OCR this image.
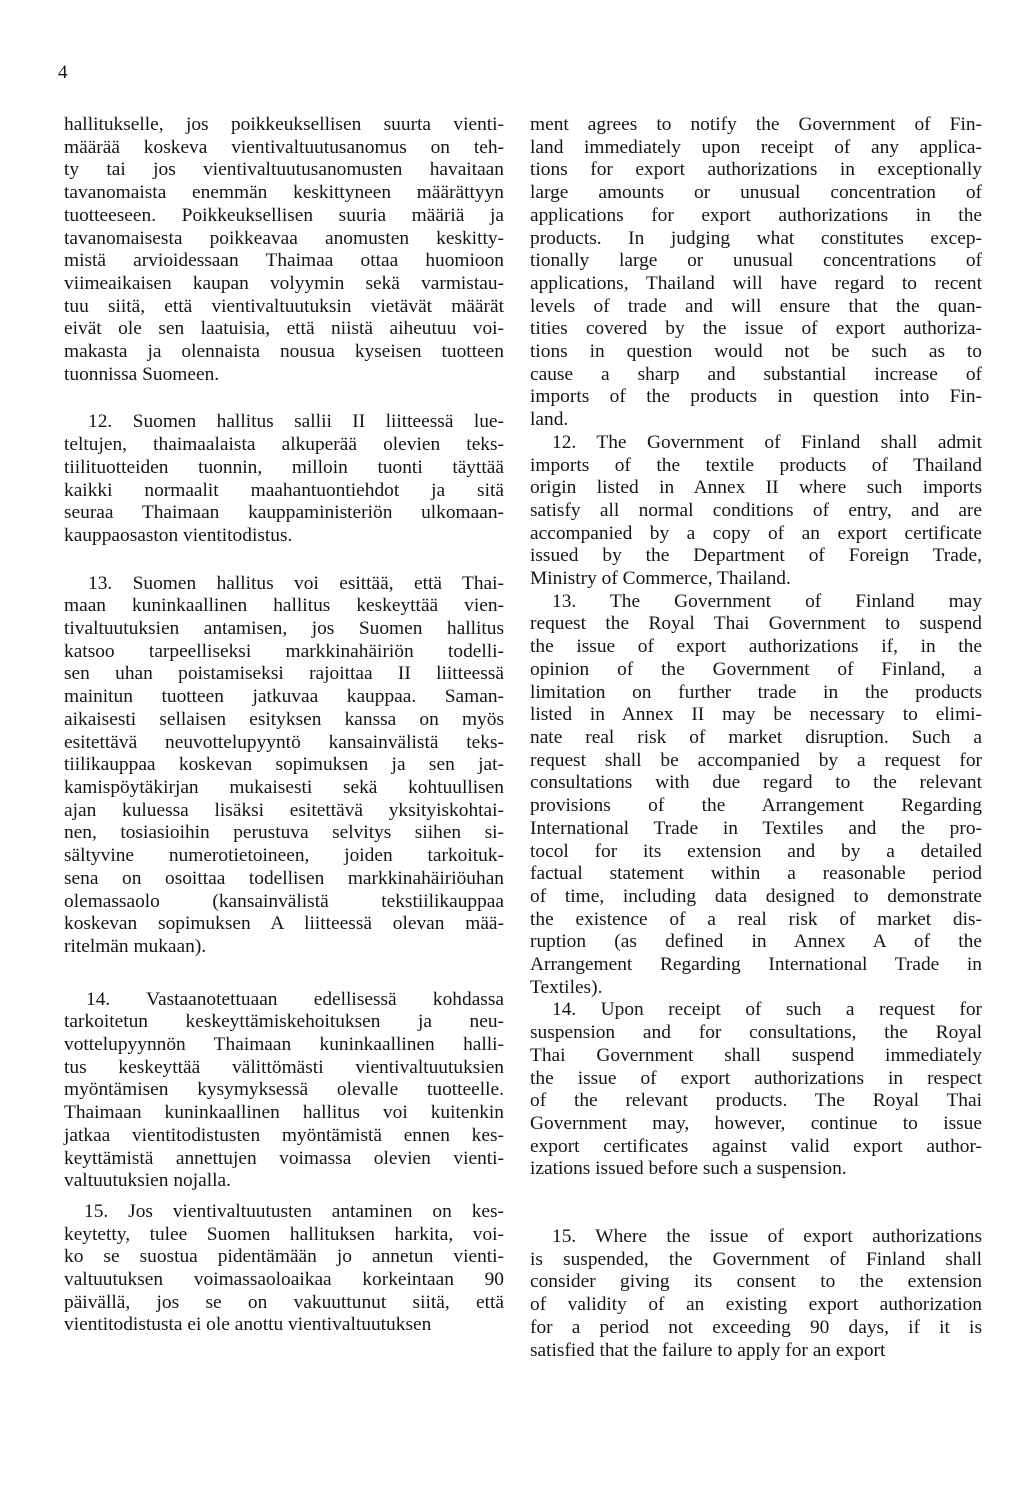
4
hallitukselle, jos poikkeuksellisen suurta vienti-
määrää koskeva vientivaltuutusanomus on teh-
ty tai jos vientivaltuutusanomusten havaitaan
tavanomaista enemmän keskittyneen määrättyyn
tuotteeseen. Poikkeuksellisen suuria määriä ja
tavanomaisesta poikkeavaa anomusten keskitty-
mistä arvioidessaan Thaimaa ottaa huomioon
viimeaikaisen kaupan volyymin sekä varmistau-
tuu siitä, että vientivaltuutuksin vietävät määrät
eivät ole sen laatuisia, että niistä aiheutuu voi-
makasta ja olennaista nousua kyseisen tuotteen
tuonnissa Suomeen.
12. Suomen hallitus sallii II liitteessä lue-
teltujen, thaimaalaista alkuperää olevien teks-
tiilituotteiden tuonnin, milloin tuonti täyttää
kaikki normaalit maahantuontiehdot ja sitä
seuraa Thaimaan kauppaministeriön ulkomaan-
kauppaosaston vientitodistus.
13. Suomen hallitus voi esittää, että Thai-
maan kuninkaallinen hallitus keskeyttää vien-
tivaltuutuksien antamisen, jos Suomen hallitus
katsoo tarpeelliseksi markkinahäiriön todelli-
sen uhan poistamiseksi rajoittaa II liitteessä
mainitun tuotteen jatkuvaa kauppaa. Saman-
aikaisesti sellaisen esityksen kanssa on myös
esitettävä neuvottelupyyntö kansainvälistä teks-
tiilikauppaa koskevan sopimuksen ja sen jat-
kamispöytäkirjan mukaisesti sekä kohtuullisen
ajan kuluessa lisäksi esitettävä yksityiskohtai-
nen, tosiasioihin perustuva selvitys siihen si-
sältyvine numerotietoineen, joiden tarkoituk-
sena on osoittaa todellisen markkinahäiriöuhan
olemassaolo (kansainvälistä tekstiilikauppaa
koskevan sopimuksen A liitteessä olevan mää-
ritelmän mukaan).
14. Vastaanotettuaan edellisessä kohdassa
tarkoitetun keskeyttämiskehoituksen ja neu-
vottelupyynnön Thaimaan kuninkaallinen halli-
tus keskeyttää välittömästi vientivaltuutuksien
myöntämisen kysymyksessä olevalle tuotteelle.
Thaimaan kuninkaallinen hallitus voi kuitenkin
jatkaa vientitodistusten myöntämistä ennen kes-
keyttämistä annettujen voimassa olevien vienti-
valtuutuksien nojalla.
15. Jos vientivaltuutusten antaminen on kes-
keytetty, tulee Suomen hallituksen harkita, voi-
ko se suostua pidentämään jo annetun vienti-
valtuutuksen voimassaoloaikaa korkeintaan 90
päivällä, jos se on vakuuttunut siitä, että
vientitodistusta ei ole anottu vientivaltuutuksen
ment agrees to notify the Government of Fin-
land immediately upon receipt of any applica-
tions for export authorizations in exceptionally
large amounts or unusual concentration of
applications for export authorizations in the
products. In judging what constitutes excep-
tionally large or unusual concentrations of
applications, Thailand will have regard to recent
levels of trade and will ensure that the quan-
tities covered by the issue of export authoriza-
tions in question would not be such as to
cause a sharp and substantial increase of
imports of the products in question into Fin-
land.
12. The Government of Finland shall admit
imports of the textile products of Thailand
origin listed in Annex II where such imports
satisfy all normal conditions of entry, and are
accompanied by a copy of an export certificate
issued by the Department of Foreign Trade,
Ministry of Commerce, Thailand.
13. The Government of Finland may
request the Royal Thai Government to suspend
the issue of export authorizations if, in the
opinion of the Government of Finland, a
limitation on further trade in the products
listed in Annex II may be necessary to elimi-
nate real risk of market disruption. Such a
request shall be accompanied by a request for
consultations with due regard to the relevant
provisions of the Arrangement Regarding
International Trade in Textiles and the pro-
tocol for its extension and by a detailed
factual statement within a reasonable period
of time, including data designed to demonstrate
the existence of a real risk of market dis-
ruption (as defined in Annex A of the
Arrangement Regarding International Trade in
Textiles).
14. Upon receipt of such a request for
suspension and for consultations, the Royal
Thai Government shall suspend immediately
the issue of export authorizations in respect
of the relevant products. The Royal Thai
Government may, however, continue to issue
export certificates against valid export author-
izations issued before such a suspension.
15. Where the issue of export authorizations
is suspended, the Government of Finland shall
consider giving its consent to the extension
of validity of an existing export authorization
for a period not exceeding 90 days, if it is
satisfied that the failure to apply for an export
